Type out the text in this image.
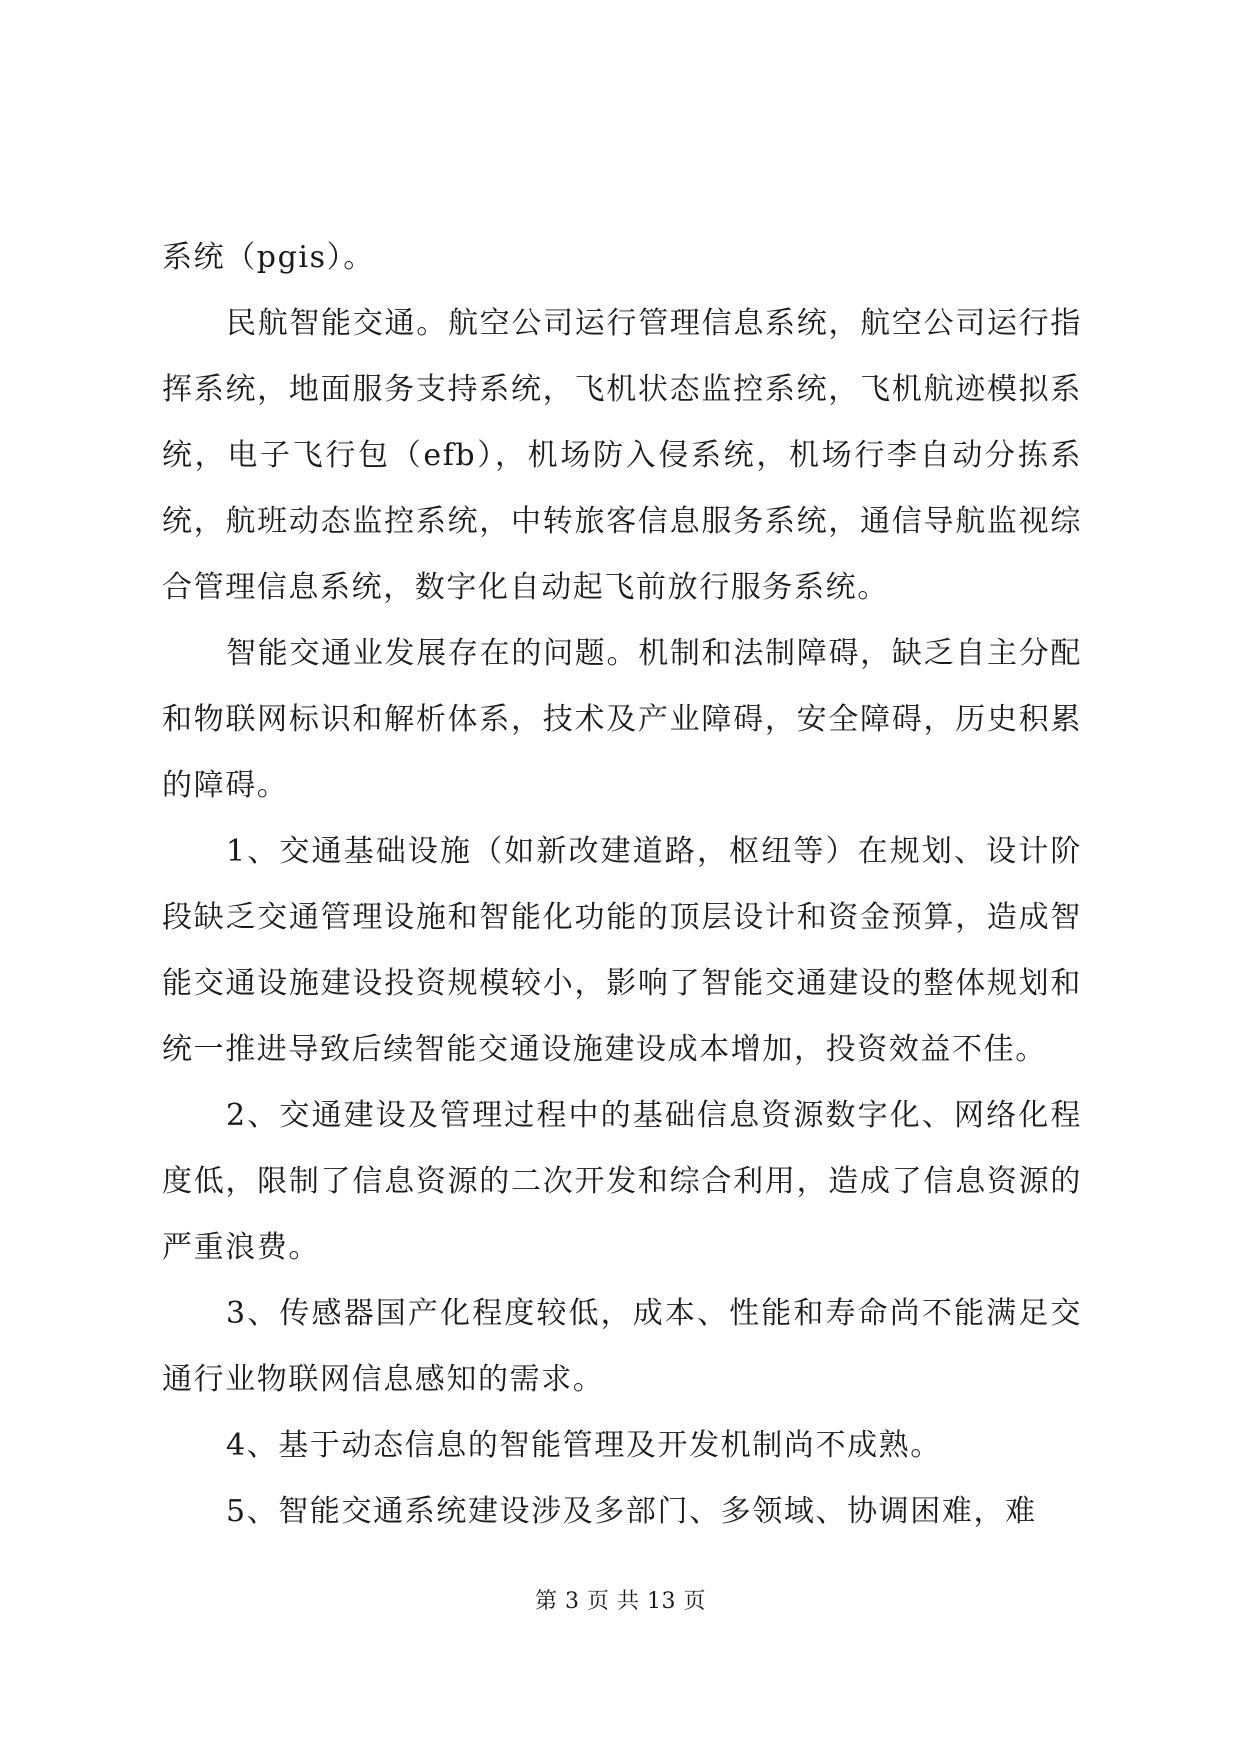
系统（pgis）。

民航智能交通。航空公司运行管理信息系统，航空公司运行指挥系统，地面服务支持系统，飞机状态监控系统，飞机航迹模拟系统，电子飞行包（efb），机场防入侵系统，机场行李自动分拣系统，航班动态监控系统，中转旅客信息服务系统，通信导航监视综合管理信息系统，数字化自动起飞前放行服务系统。

智能交通业发展存在的问题。机制和法制障碍，缺乏自主分配和物联网标识和解析体系，技术及产业障碍，安全障碍，历史积累的障碍。

1、交通基础设施（如新改建道路，枢纽等）在规划、设计阶段缺乏交通管理设施和智能化功能的顶层设计和资金预算，造成智能交通设施建设投资规模较小，影响了智能交通建设的整体规划和统一推进导致后续智能交通设施建设成本增加，投资效益不佳。

2、交通建设及管理过程中的基础信息资源数字化、网络化程度低，限制了信息资源的二次开发和综合利用，造成了信息资源的严重浪费。

3、传感器国产化程度较低，成本、性能和寿命尚不能满足交通行业物联网信息感知的需求。

4、基于动态信息的智能管理及开发机制尚不成熟。

5、智能交通系统建设涉及多部门、多领域、协调困难，难

第 3 页 共 13 页
